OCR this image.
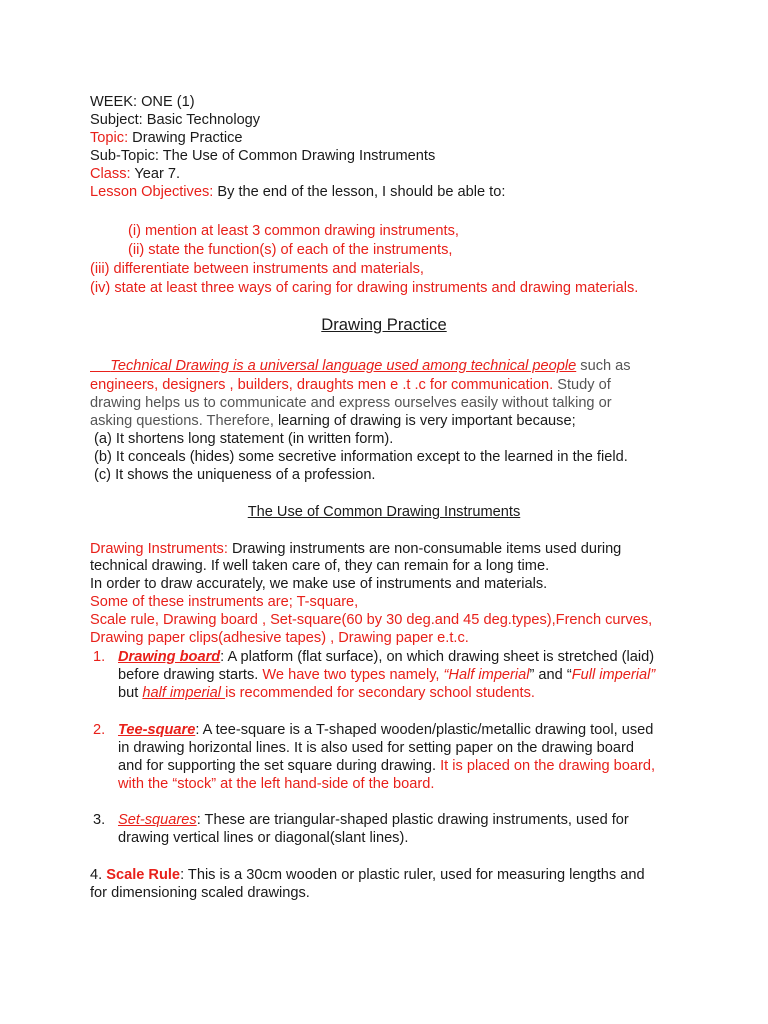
WEEK: ONE (1)
Subject: Basic Technology
Topic: Drawing Practice
Sub-Topic: The Use of Common Drawing Instruments
Class: Year 7.
Lesson Objectives: By the end of the lesson, I should be able to:
(i) mention at least 3 common drawing instruments,
(ii) state the function(s) of each of the instruments,
(iii) differentiate between instruments and materials,
(iv) state at least three ways of caring for drawing instruments and drawing materials.
Drawing Practice
Technical Drawing is a universal language used among technical people such as
engineers, designers , builders, draughts men e .t .c for communication. Study of
drawing helps us to communicate and express ourselves easily without talking or
asking questions. Therefore, learning of drawing is very important because;
(a) It shortens long statement (in written form).
(b) It conceals (hides) some secretive information except to the learned in the field.
(c) It shows the uniqueness of a profession.
The Use of Common Drawing Instruments
Drawing Instruments: Drawing instruments are non-consumable items used during
technical drawing. If well taken care of, they can remain for a long time.
In order to draw accurately, we make use of instruments and materials.
Some of these instruments are; T-square,
Scale rule, Drawing board , Set-square(60 by 30 deg.and 45 deg.types),French curves,
Drawing paper clips(adhesive tapes) , Drawing paper e.t.c.
1. Drawing board: A platform (flat surface), on which drawing sheet is stretched (laid)
before drawing starts. We have two types namely, “Half imperial” and “Full imperial”
but half imperial is recommended for secondary school students.
2. Tee-square: A tee-square is a T-shaped wooden/plastic/metallic drawing tool, used
in drawing horizontal lines. It is also used for setting paper on the drawing board
and for supporting the set square during drawing. It is placed on the drawing board,
with the “stock” at the left hand-side of the board.
3. Set-squares: These are triangular-shaped plastic drawing instruments, used for
drawing vertical lines or diagonal(slant lines).
4. Scale Rule: This is a 30cm wooden or plastic ruler, used for measuring lengths and
for dimensioning scaled drawings.
